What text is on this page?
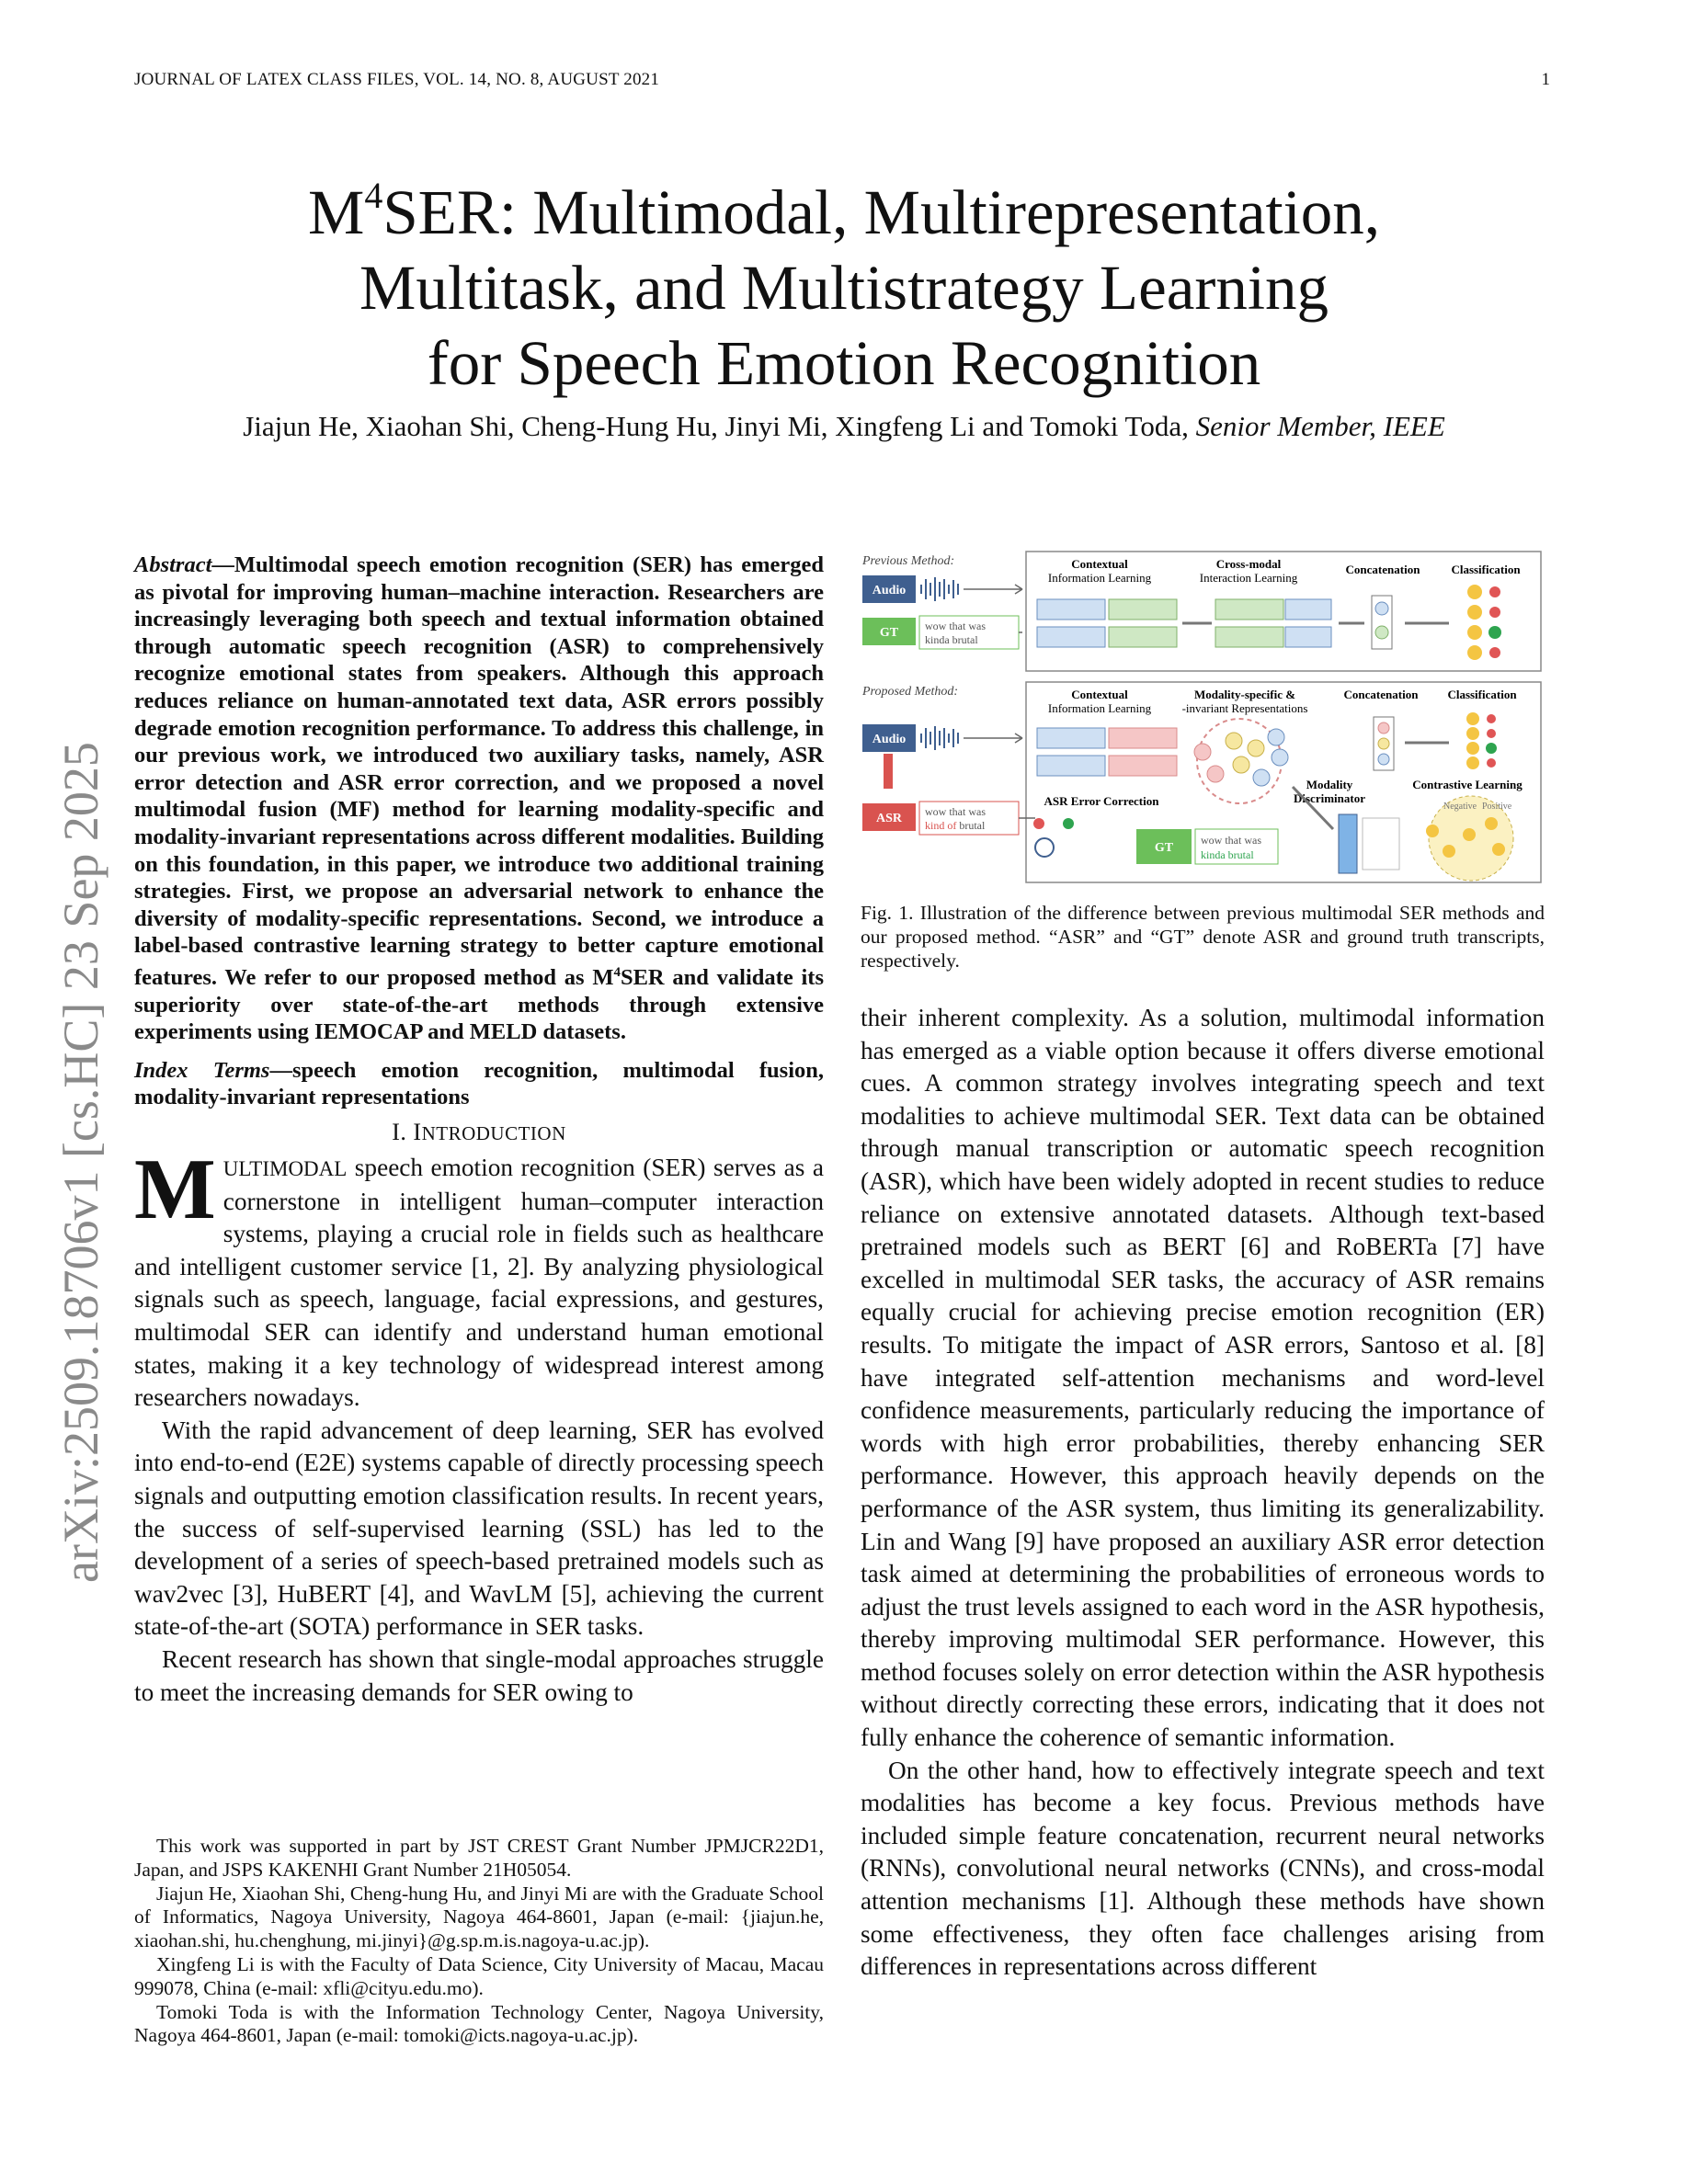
JOURNAL OF LATEX CLASS FILES, VOL. 14, NO. 8, AUGUST 2021	1
arXiv:2509.18706v1 [cs.HC] 23 Sep 2025
$M^4SER$: Multimodal, Multirepresentation,
Multitask, and Multistrategy Learning
for Speech Emotion Recognition
Jiajun He, Xiaohan Shi, Cheng-Hung Hu, Jinyi Mi, Xingfeng Li and Tomoki Toda, Senior Member, IEEE
Abstract—Multimodal speech emotion recognition (SER) has emerged as pivotal for improving human–machine interaction. Researchers are increasingly leveraging both speech and textual information obtained through automatic speech recognition (ASR) to comprehensively recognize emotional states from speakers. Although this approach reduces reliance on human-annotated text data, ASR errors possibly degrade emotion recognition performance. To address this challenge, in our previous work, we introduced two auxiliary tasks, namely, ASR error detection and ASR error correction, and we proposed a novel multimodal fusion (MF) method for learning modality-specific and modality-invariant representations across different modalities. Building on this foundation, in this paper, we introduce two additional training strategies. First, we propose an adversarial network to enhance the diversity of modality-specific representations. Second, we introduce a label-based contrastive learning strategy to better capture emotional features. We refer to our proposed method as $M^4SER$ and validate its superiority over state-of-the-art methods through extensive experiments using IEMOCAP and MELD datasets.
Index Terms—speech emotion recognition, multimodal fusion, modality-invariant representations
I. INTRODUCTION

MULTIMODAL speech emotion recognition (SER) serves as a cornerstone in intelligent human–computer interaction systems, playing a crucial role in fields such as healthcare and intelligent customer service [1, 2]. By analyzing physiological signals such as speech, language, facial expressions, and gestures, multimodal SER can identify and understand human emotional states, making it a key technology of widespread interest among researchers nowadays.

With the rapid advancement of deep learning, SER has evolved into end-to-end (E2E) systems capable of directly processing speech signals and outputting emotion classification results. In recent years, the success of self-supervised learning (SSL) has led to the development of a series of speech-based pretrained models such as wav2vec [3], HuBERT [4], and WavLM [5], achieving the current state-of-the-art (SOTA) performance in SER tasks.

Recent research has shown that single-modal approaches struggle to meet the increasing demands for SER owing to

This work was supported in part by JST CREST Grant Number JPMJCR22D1, Japan, and JSPS KAKENHI Grant Number 21H05054.

Jiajun He, Xiaohan Shi, Cheng-hung Hu, and Jinyi Mi are with the Graduate School of Informatics, Nagoya University, Nagoya 464-8601, Japan (e-mail: {jiajun.he, xiaohan.shi, hu.chenghung, mi.jinyi}@g.sp.m.is.nagoya-u.ac.jp).

Xingfeng Li is with the Faculty of Data Science, City University of Macau, Macau 999078, China (e-mail: xfli@cityu.edu.mo).

Tomoki Toda is with the Information Technology Center, Nagoya University, Nagoya 464-8601, Japan (e-mail: tomoki@icts.nagoya-u.ac.jp).

Previous Method:
Audio
GT wow that was
kinda brutal
Contextual
Information Learning
Cross-modal
Interaction Learning
Concatenation	Classification
Proposed Method:
Audio
ASR wow that was
kind of brutal
Contextual
Information Learning
Modality-specific &
-invariant Representations
Concatenation Classification
Modality
Discriminator
Contrastive Learning
ASR Error Correction
GT
wow that was
kinda brutal
Negative Positive
Fig. 1. Illustration of the difference between previous multimodal SER methods and our proposed method. “ASR” and “GT” denote ASR and ground truth transcripts, respectively.

their inherent complexity. As a solution, multimodal information has emerged as a viable option because it offers diverse emotional cues. A common strategy involves integrating speech and text modalities to achieve multimodal SER. Text data can be obtained through manual transcription or automatic speech recognition (ASR), which have been widely adopted in recent studies to reduce reliance on extensive annotated datasets. Although text-based pretrained models such as BERT [6] and RoBERTa [7] have excelled in multimodal SER tasks, the accuracy of ASR remains equally crucial for achieving precise emotion recognition (ER) results. To mitigate the impact of ASR errors, Santoso et al. [8] have integrated self-attention mechanisms and word-level confidence measurements, particularly reducing the importance of words with high error probabilities, thereby enhancing SER performance. However, this approach heavily depends on the performance of the ASR system, thus limiting its generalizability. Lin and Wang [9] have proposed an auxiliary ASR error detection task aimed at determining the probabilities of erroneous words to adjust the trust levels assigned to each word in the ASR hypothesis, thereby improving multimodal SER performance. However, this method focuses solely on error detection within the ASR hypothesis without directly correcting these errors, indicating that it does not fully enhance the coherence of semantic information.

On the other hand, how to effectively integrate speech and text modalities has become a key focus. Previous methods have included simple feature concatenation, recurrent neural networks (RNNs), convolutional neural networks (CNNs), and cross-modal attention mechanisms [1]. Although these methods have shown some effectiveness, they often face challenges arising from differences in representations across different
